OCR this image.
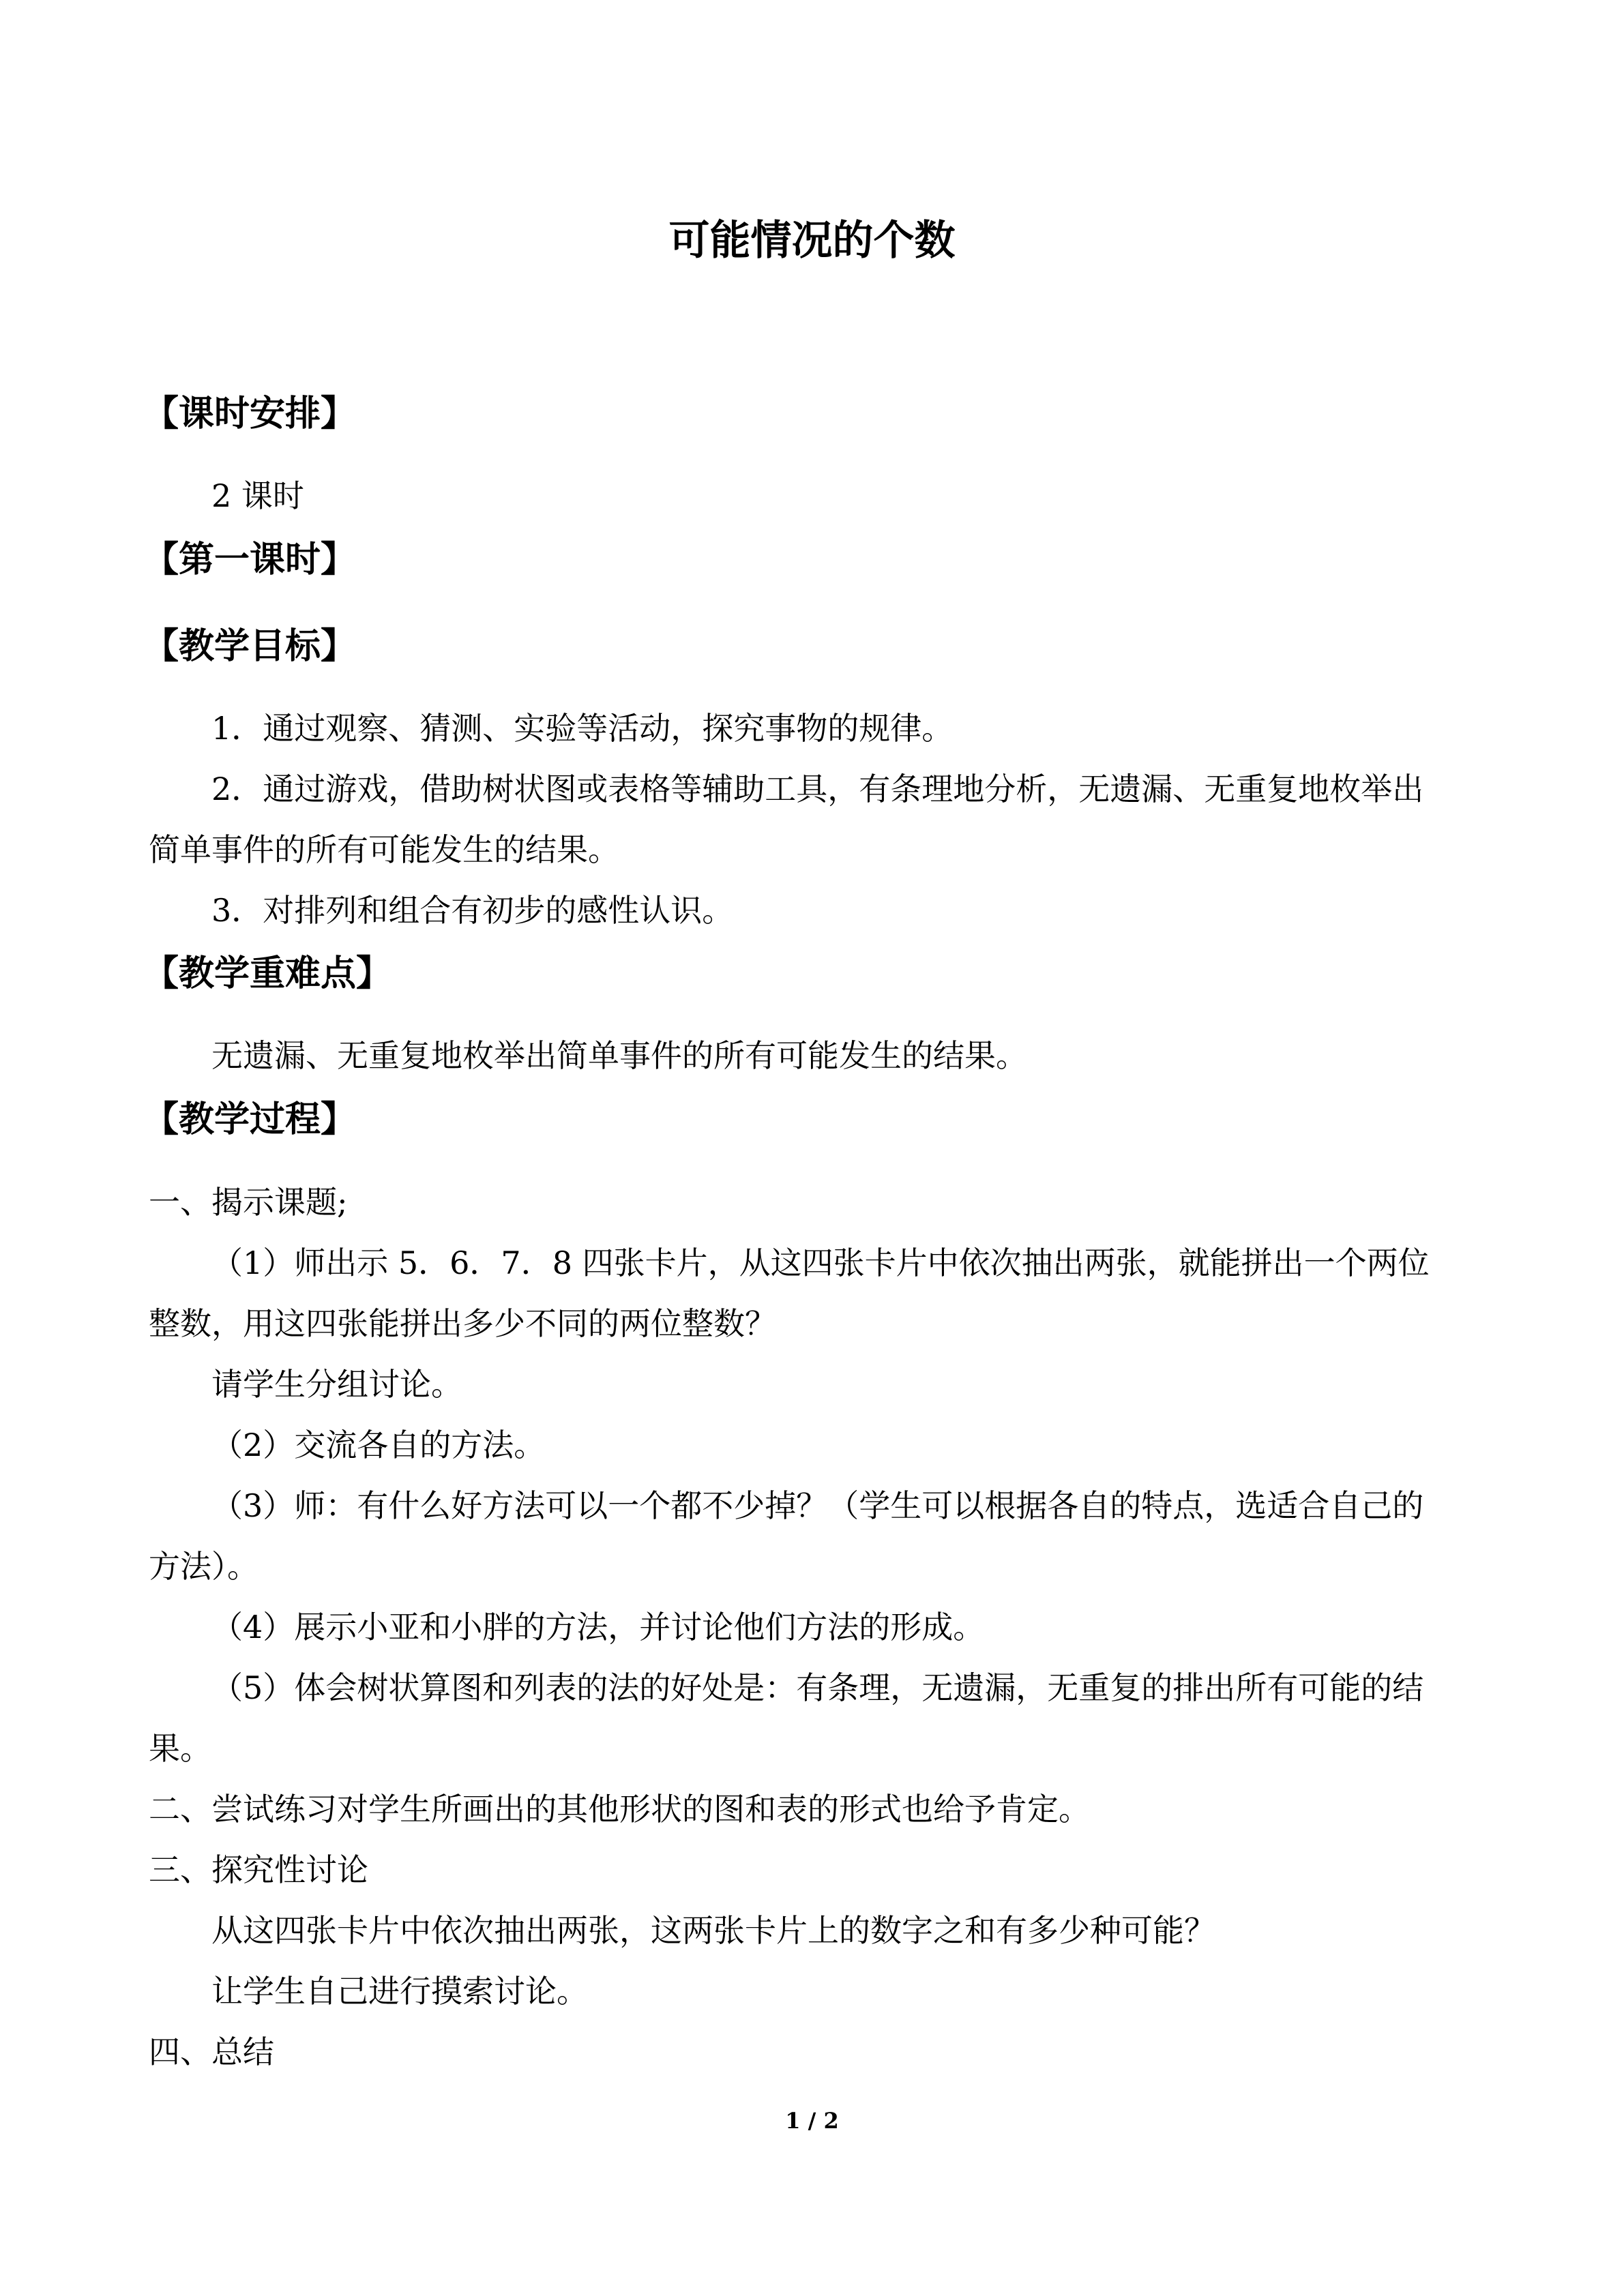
可能情况的个数
【课时安排】
2 课时
【第一课时】
【教学目标】
1．通过观察、猜测、实验等活动，探究事物的规律。
2．通过游戏，借助树状图或表格等辅助工具，有条理地分析，无遗漏、无重复地枚举出
简单事件的所有可能发生的结果。
3．对排列和组合有初步的感性认识。
【教学重难点】
无遗漏、无重复地枚举出简单事件的所有可能发生的结果。
【教学过程】
一、揭示课题;
（1）师出示 5．6．7．8 四张卡片，从这四张卡片中依次抽出两张，就能拼出一个两位
整数，用这四张能拼出多少不同的两位整数？
请学生分组讨论。
（2）交流各自的方法。
（3）师：有什么好方法可以一个都不少掉？（学生可以根据各自的特点，选适合自己的
方法）。
（4）展示小亚和小胖的方法，并讨论他们方法的形成。
（5）体会树状算图和列表的法的好处是：有条理，无遗漏，无重复的排出所有可能的结
果。
二、尝试练习对学生所画出的其他形状的图和表的形式也给予肯定。
三、探究性讨论
从这四张卡片中依次抽出两张，这两张卡片上的数字之和有多少种可能？
让学生自己进行摸索讨论。
四、总结
1 / 2
